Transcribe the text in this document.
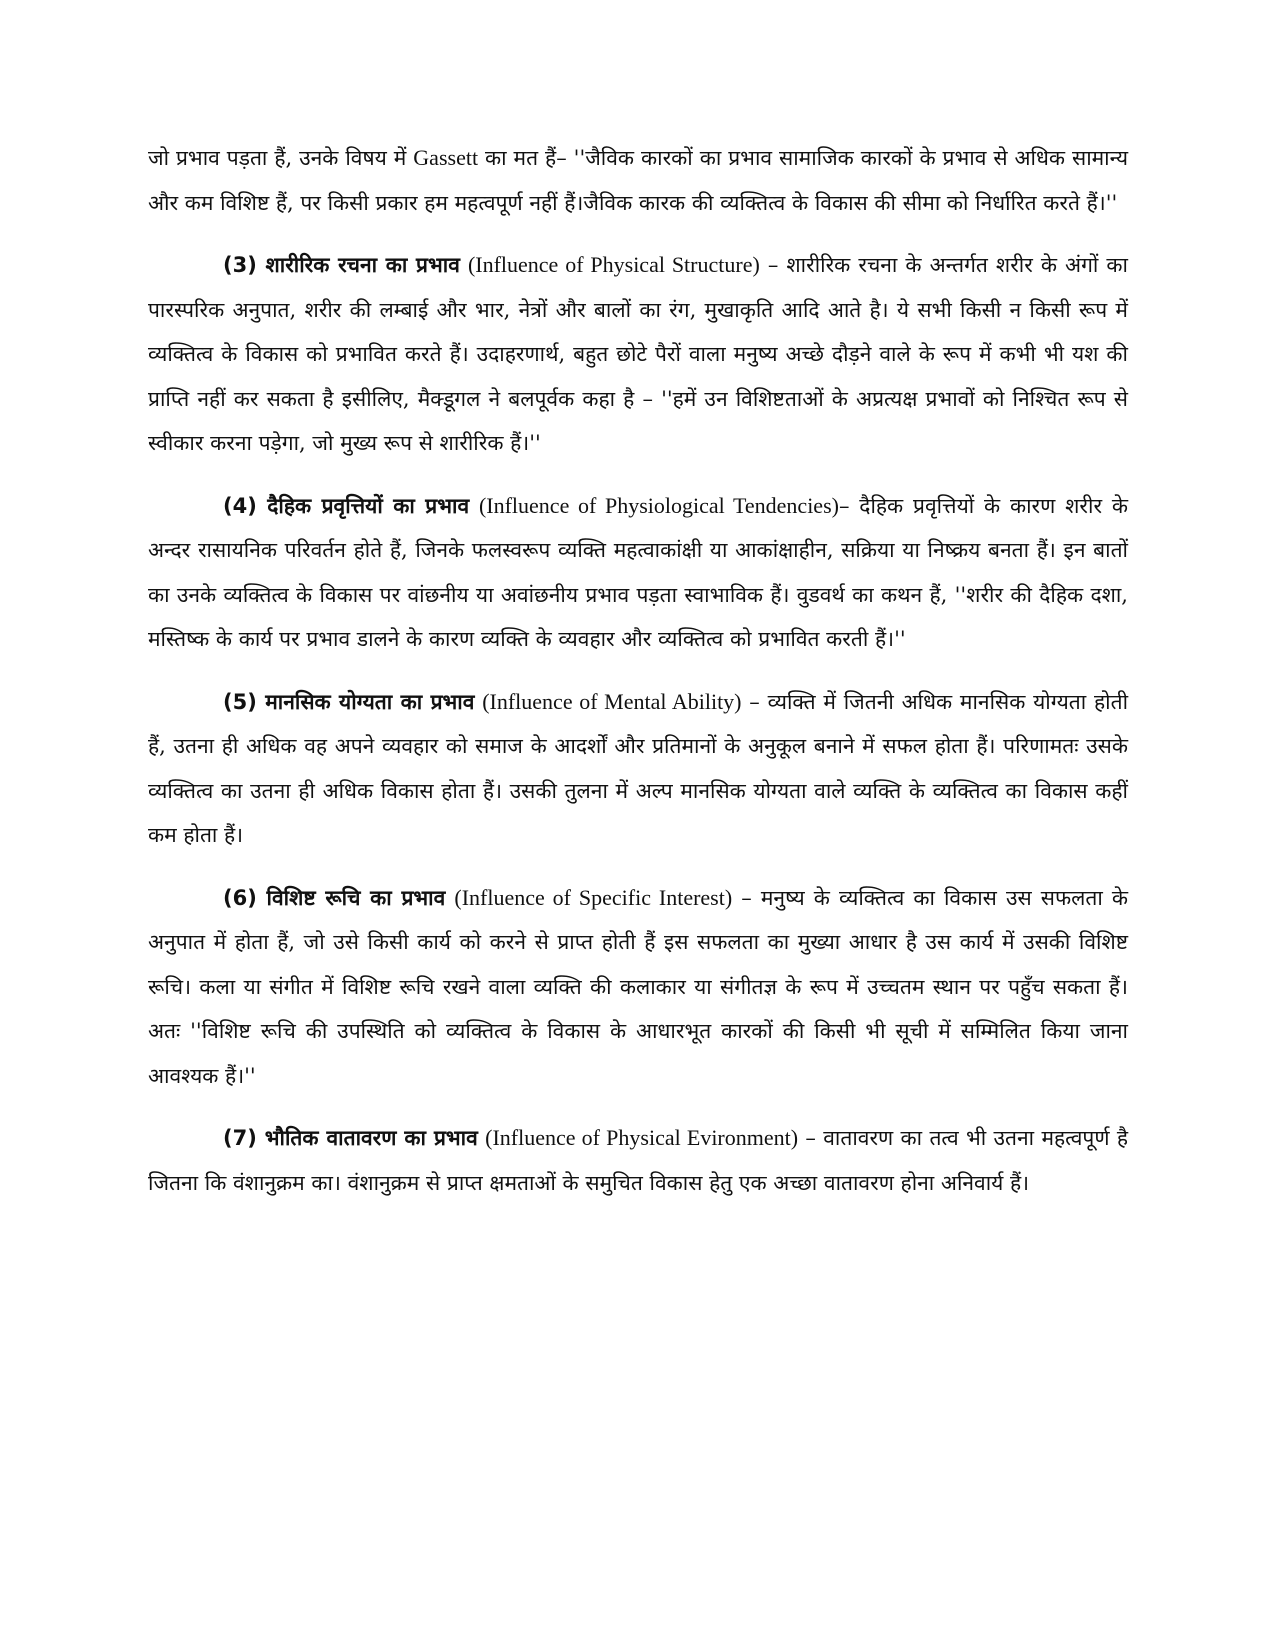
जो प्रभाव पड़ता हैं, उनके विषय में Gassett का मत हैं– ''जैविक कारकों का प्रभाव सामाजिक कारकों के प्रभाव से अधिक सामान्य और कम विशिष्ट हैं, पर किसी प्रकार हम महत्वपूर्ण नहीं हैं।जैविक कारक की व्यक्तित्व के विकास की सीमा को निर्धारित करते हैं।''

(3) शारीरिक रचना का प्रभाव (Influence of Physical Structure) – शारीरिक रचना के अन्तर्गत शरीर के अंगों का पारस्परिक अनुपात, शरीर की लम्बाई और भार, नेत्रों और बालों का रंग, मुखाकृति आदि आते है। ये सभी किसी न किसी रूप में व्यक्तित्व के विकास को प्रभावित करते हैं। उदाहरणार्थ, बहुत छोटे पैरों वाला मनुष्य अच्छे दौड़ने वाले के रूप में कभी भी यश की प्राप्ति नहीं कर सकता है इसीलिए, मैक्डूगल ने बलपूर्वक कहा है – ''हमें उन विशिष्टताओं के अप्रत्यक्ष प्रभावों को निश्चित रूप से स्वीकार करना पड़ेगा, जो मुख्य रूप से शारीरिक हैं।''

(4) दैहिक प्रवृत्तियों का प्रभाव (Influence of Physiological Tendencies)– दैहिक प्रवृत्तियों के कारण शरीर के अन्दर रासायनिक परिवर्तन होते हैं, जिनके फलस्वरूप व्यक्ति महत्वाकांक्षी या आकांक्षाहीन, सक्रिया या निष्क्रय बनता हैं। इन बातों का उनके व्यक्तित्व के विकास पर वांछनीय या अवांछनीय प्रभाव पड़ता स्वाभाविक हैं। वुडवर्थ का कथन हैं, ''शरीर की दैहिक दशा, मस्तिष्क के कार्य पर प्रभाव डालने के कारण व्यक्ति के व्यवहार और व्यक्तित्व को प्रभावित करती हैं।''

(5) मानसिक योग्यता का प्रभाव (Influence of Mental Ability) – व्यक्ति में जितनी अधिक मानसिक योग्यता होती हैं, उतना ही अधिक वह अपने व्यवहार को समाज के आदर्शों और प्रतिमानों के अनुकूल बनाने में सफल होता हैं। परिणामतः उसके व्यक्तित्व का उतना ही अधिक विकास होता हैं। उसकी तुलना में अल्प मानसिक योग्यता वाले व्यक्ति के व्यक्तित्व का विकास कहीं कम होता हैं।

(6) विशिष्ट रूचि का प्रभाव (Influence of Specific Interest) – मनुष्य के व्यक्तित्व का विकास उस सफलता के अनुपात में होता हैं, जो उसे किसी कार्य को करने से प्राप्त होती हैं इस सफलता का मुख्या आधार है उस कार्य में उसकी विशिष्ट रूचि। कला या संगीत में विशिष्ट रूचि रखने वाला व्यक्ति की कलाकार या संगीतज्ञ के रूप में उच्चतम स्थान पर पहुँच सकता हैं। अतः ''विशिष्ट रूचि की उपस्थिति को व्यक्तित्व के विकास के आधारभूत कारकों की किसी भी सूची में सम्मिलित किया जाना आवश्यक हैं।''

(7) भौतिक वातावरण का प्रभाव (Influence of Physical Evironment) – वातावरण का तत्व भी उतना महत्वपूर्ण है जितना कि वंशानुक्रम का। वंशानुक्रम से प्राप्त क्षमताओं के समुचित विकास हेतु एक अच्छा वातावरण होना अनिवार्य हैं।
